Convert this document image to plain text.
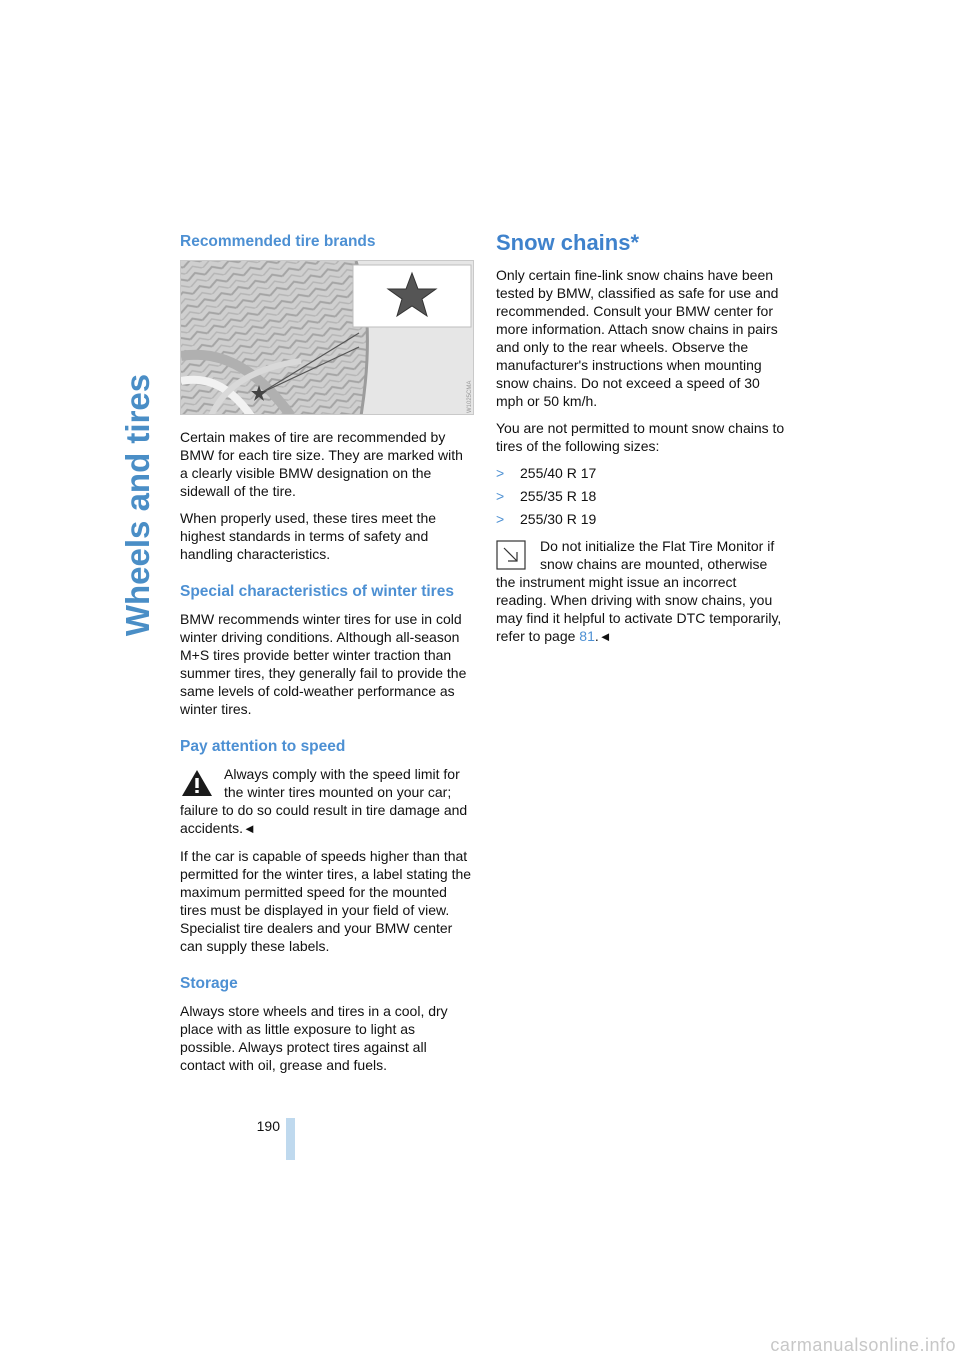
Wheels and tires
Recommended tire brands
W1025CMA

Certain makes of tire are recommended by BMW for each tire size. They are marked with a clearly visible BMW designation on the sidewall of the tire.

When properly used, these tires meet the highest standards in terms of safety and handling characteristics.

Special characteristics of winter tires

BMW recommends winter tires for use in cold winter driving conditions. Although all-season M+S tires provide better winter traction than summer tires, they generally fail to provide the same levels of cold-weather performance as winter tires.

Pay attention to speed
Always comply with the speed limit for the winter tires mounted on your car; failure to do so could result in tire damage and accidents.◄

If the car is capable of speeds higher than that permitted for the winter tires, a label stating the maximum permitted speed for the mounted tires must be displayed in your field of view. Specialist tire dealers and your BMW center can supply these labels.

Storage

Always store wheels and tires in a cool, dry place with as little exposure to light as possible. Always protect tires against all contact with oil, grease and fuels.

Snow chains*

Only certain fine-link snow chains have been tested by BMW, classified as safe for use and recommended. Consult your BMW center for more information. Attach snow chains in pairs and only to the rear wheels. Observe the manufacturer's instructions when mounting snow chains. Do not exceed a speed of 30 mph or 50 km/h.

You are not permitted to mount snow chains to tires of the following sizes:

> 255/40 R 17
> 255/35 R 18
> 255/30 R 19
Do not initialize the Flat Tire Monitor if snow chains are mounted, otherwise the instrument might issue an incorrect reading. When driving with snow chains, you may find it helpful to activate DTC temporarily, refer to page 81.◄
190
carmanualsonline.info
